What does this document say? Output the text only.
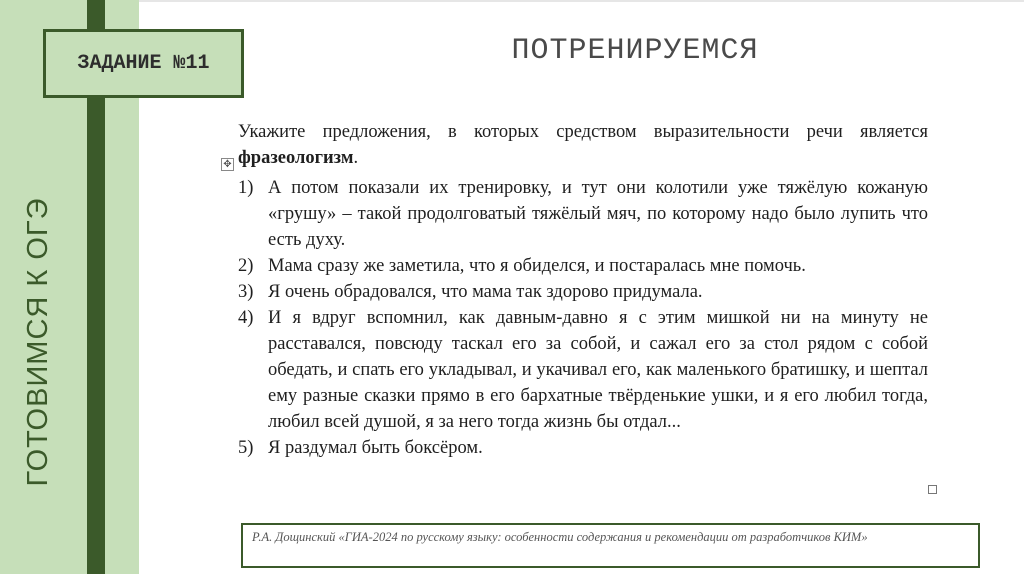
ГОТОВИМСЯ К ОГЭ
ЗАДАНИЕ №11	ПОТРЕНИРУЕМСЯ
✥
Укажите предложения, в которых средством выразительности речи является фразеологизм.
1) А потом показали их тренировку, и тут они колотили уже тяжёлую кожаную «грушу» – такой продолговатый тяжёлый мяч, по которому надо было лупить что есть духу.
2) Мама сразу же заметила, что я обиделся, и постаралась мне помочь.
3) Я очень обрадовался, что мама так здорово придумала.
4) И я вдруг вспомнил, как давным-давно я с этим мишкой ни на минуту не расставался, повсюду таскал его за собой, и сажал его за стол рядом с собой обедать, и спать его укладывал, и укачивал его, как маленького братишку, и шептал ему разные сказки прямо в его бархатные твёрденькие ушки, и я его любил тогда, любил всей душой, я за него тогда жизнь бы отдал...
5) Я раздумал быть боксёром.
Р.А. Дощинский «ГИА-2024 по русскому языку: особенности содержания и рекомендации от разработчиков КИМ»
